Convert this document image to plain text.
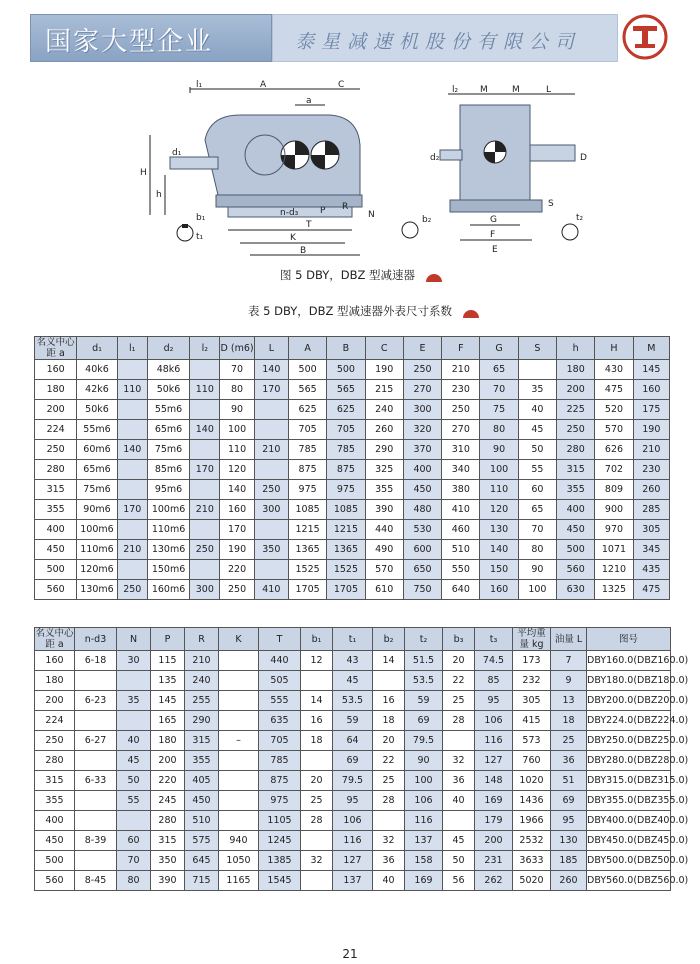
国家大型企业	泰星减速机股份有限公司
l₁	A
a
C
H
h
d₁
n-d₃ P R
N
T
K
B
b₁
t₁
l₂ M	M	L
d₂	D
S
b₂	G
F
E
t₂
图 5 DBY，DBZ 型减速器
表 5 DBY，DBZ 型减速器外表尺寸系数
名义中心距 a	d₁	l₁	d₂	l₂	D (m6)	L	A	B	C	E	F	G	S	h	H	M
160	40k6		48k6		70	140	500	500	190	250	210	65		180	430	145
180	42k6	110	50k6	110	80	170	565	565	215	270	230	70	35	200	475	160
200	50k6		55m6		90		625	625	240	300	250	75	40	225	520	175
224	55m6		65m6	140	100		705	705	260	320	270	80	45	250	570	190
250	60m6	140	75m6		110	210	785	785	290	370	310	90	50	280	626	210
280	65m6		85m6	170	120		875	875	325	400	340	100	55	315	702	230
315	75m6		95m6		140	250	975	975	355	450	380	110	60	355	809	260
355	90m6	170	100m6	210	160	300	1085	1085	390	480	410	120	65	400	900	285
400	100m6		110m6		170		1215	1215	440	530	460	130	70	450	970	305
450	110m6	210	130m6	250	190	350	1365	1365	490	600	510	140	80	500	1071	345
500	120m6		150m6		220		1525	1525	570	650	550	150	90	560	1210	435
560	130m6	250	160m6	300	250	410	1705	1705	610	750	640	160	100	630	1325	475
名义中心距 a	n-d3	N	P	R	K	T	b₁	t₁	b₂	t₂	b₃	t₃	平均重量 kg	油量 L	图号
160	6-18	30	115	210		440	12	43	14	51.5	20	74.5	173	7	DBY160.0(DBZ160.0)
180			135	240		505		45		53.5	22	85	232	9	DBY180.0(DBZ180.0)
200	6-23	35	145	255		555	14	53.5	16	59	25	95	305	13	DBY200.0(DBZ200.0)
224			165	290		635	16	59	18	69	28	106	415	18	DBY224.0(DBZ224.0)
250	6-27	40	180	315	–	705	18	64	20	79.5		116	573	25	DBY250.0(DBZ250.0)
280		45	200	355		785		69	22	90	32	127	760	36	DBY280.0(DBZ280.0)
315	6-33	50	220	405		875	20	79.5	25	100	36	148	1020	51	DBY315.0(DBZ315.0)
355		55	245	450		975	25	95	28	106	40	169	1436	69	DBY355.0(DBZ355.0)
400			280	510		1105	28	106		116		179	1966	95	DBY400.0(DBZ400.0)
450	8-39	60	315	575	940	1245		116	32	137	45	200	2532	130	DBY450.0(DBZ450.0)
500		70	350	645	1050	1385	32	127	36	158	50	231	3633	185	DBY500.0(DBZ500.0)
560	8-45	80	390	715	1165	1545		137	40	169	56	262	5020	260	DBY560.0(DBZ560.0)
21
